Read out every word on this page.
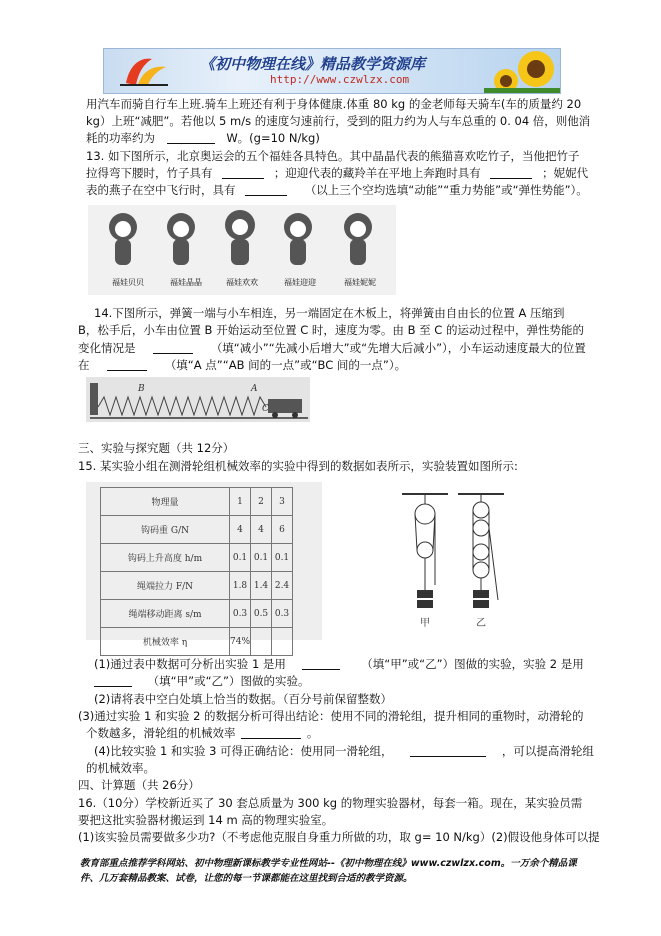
《初中物理在线》精品教学资源库
http://www.czwlzx.com
用汽车而骑自行车上班.骑车上班还有利于身体健康.体重 80 kg 的金老师每天骑车(车的质量约 20
kg）上班“减肥”。若他以 5 m/s 的速度匀速前行，受到的阻力约为人与车总重的 0. 04 倍，则他消
耗的功率约为	W。(g=10 N/kg)
13. 如下图所示，北京奥运会的五个福娃各具特色。其中晶晶代表的熊猫喜欢吃竹子，当他把竹子
拉得弯下腰时，竹子具有	；迎迎代表的藏羚羊在平地上奔跑时具有	；妮妮代
表的燕子在空中飞行时，具有	（以上三个空均选填“动能”“重力势能”或“弹性势能”）。
福娃贝贝	福娃晶晶	福娃欢欢	福娃迎迎	福娃妮妮
14.下图所示，弹簧一端与小车相连，另一端固定在木板上，将弹簧由自由长的位置 A 压缩到
B，松手后，小车由位置 B 开始运动至位置 C 时，速度为零。由 B 至 C 的运动过程中，弹性势能的
变化情况是	（填“减小”“先减小后增大”或“先增大后减小”），小车运动速度最大的位置
在	（填“A 点”“AB 间的一点”或“BC 间的一点”）。
B	A
C
三、实验与探究题（共 12分）
15. 某实验小组在测滑轮组机械效率的实验中得到的数据如表所示，实验装置如图所示:
物理量	1	2	3
钩码重 G/N	4	4	6
钩码上升高度 h/m	0.1	0.1	0.1
绳端拉力 F/N	1.8	1.4	2.4
绳端移动距离 s/m	0.3	0.5	0.3
机械效率 η	74%		
甲	乙
(1)通过表中数据可分析出实验 1 是用	（填“甲”或“乙”）图做的实验，实验 2 是用
（填“甲”或“乙”）图做的实验。
(2)请将表中空白处填上恰当的数据。（百分号前保留整数）
(3)通过实验 1 和实验 2 的数据分析可得出结论：使用不同的滑轮组，提升相同的重物时，动滑轮的
个数越多，滑轮组的机械效率	。
(4)比较实验 1 和实验 3 可得正确结论：使用同一滑轮组，	，可以提高滑轮组
的机械效率。
四、计算题（共 26分）
16.（10分）学校新近买了 30 套总质量为 300 kg 的物理实验器材，每套一箱。现在，某实验员需
要把这批实验器材搬运到 14 m 高的物理实验室。
(1)该实验员需要做多少功?（不考虑他克服自身重力所做的功，取 g= 10 N/kg）(2)假设他身体可以提
教育部重点推荐学科网站、初中物理新课标教学专业性网站--《初中物理在线》www.czwlzx.com。一万余个精品课
件、几万套精品教案、试卷，让您的每一节课都能在这里找到合适的教学资源。
